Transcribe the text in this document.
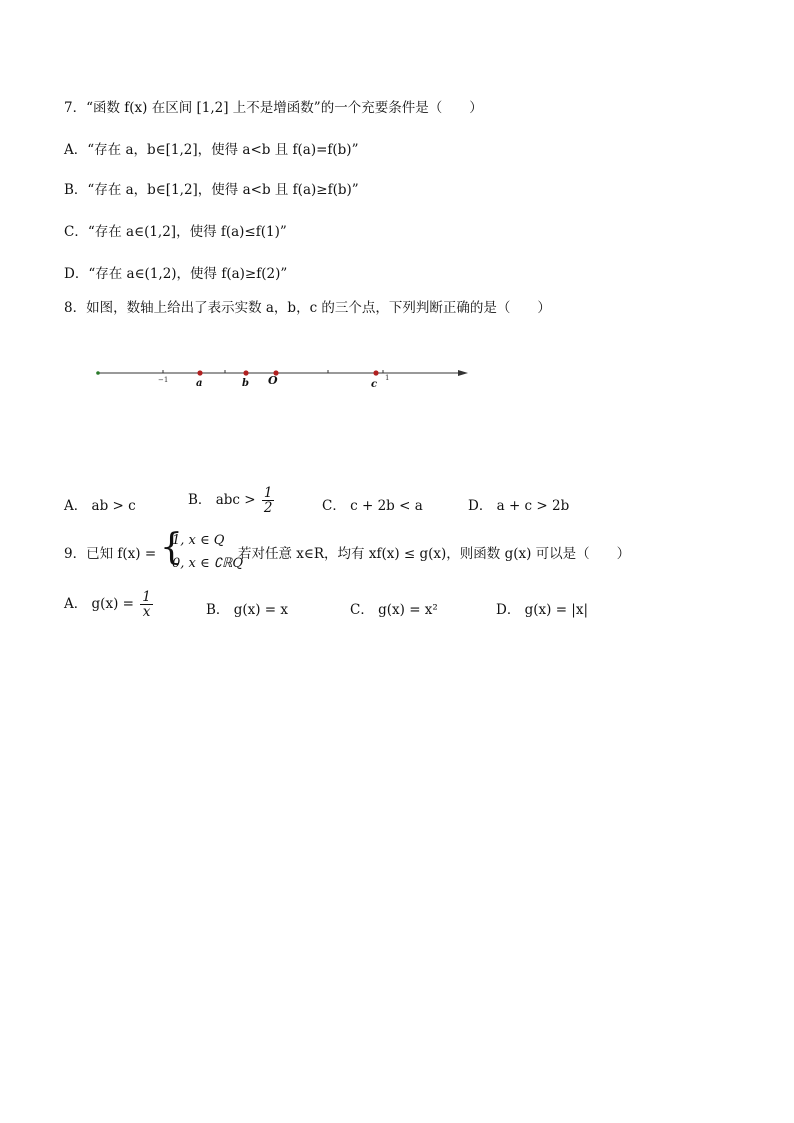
7．“函数 f(x) 在区间 [1,2] 上不是增函数”的一个充要条件是（　　）
A．“存在 a，b∈[1,2]，使得 a<b 且 f(a)=f(b)”
B．“存在 a，b∈[1,2]，使得 a<b 且 f(a)≥f(b)”
C．“存在 a∈(1,2]，使得 f(a)≤f(1)”
D．“存在 a∈(1,2)，使得 f(a)≥f(2)”
8．如图，数轴上给出了表示实数 a，b，c 的三个点，下列判断正确的是（　　）
−1	1
a	b O	c
A． ab > c	B． abc > $\frac{1}{2}$	C． c + 2b < a	D． a + c > 2b
9．已知 f(x) = {
1, x ∈ Q
0, x ∈ ∁ℝQ
若对任意 x∈R，均有 xf(x) ≤ g(x)，则函数 g(x) 可以是（　　）
A． $g(x) = \frac{1}{x}$	B． g(x) = x	C． g(x) = x²	D． g(x) = |x|
